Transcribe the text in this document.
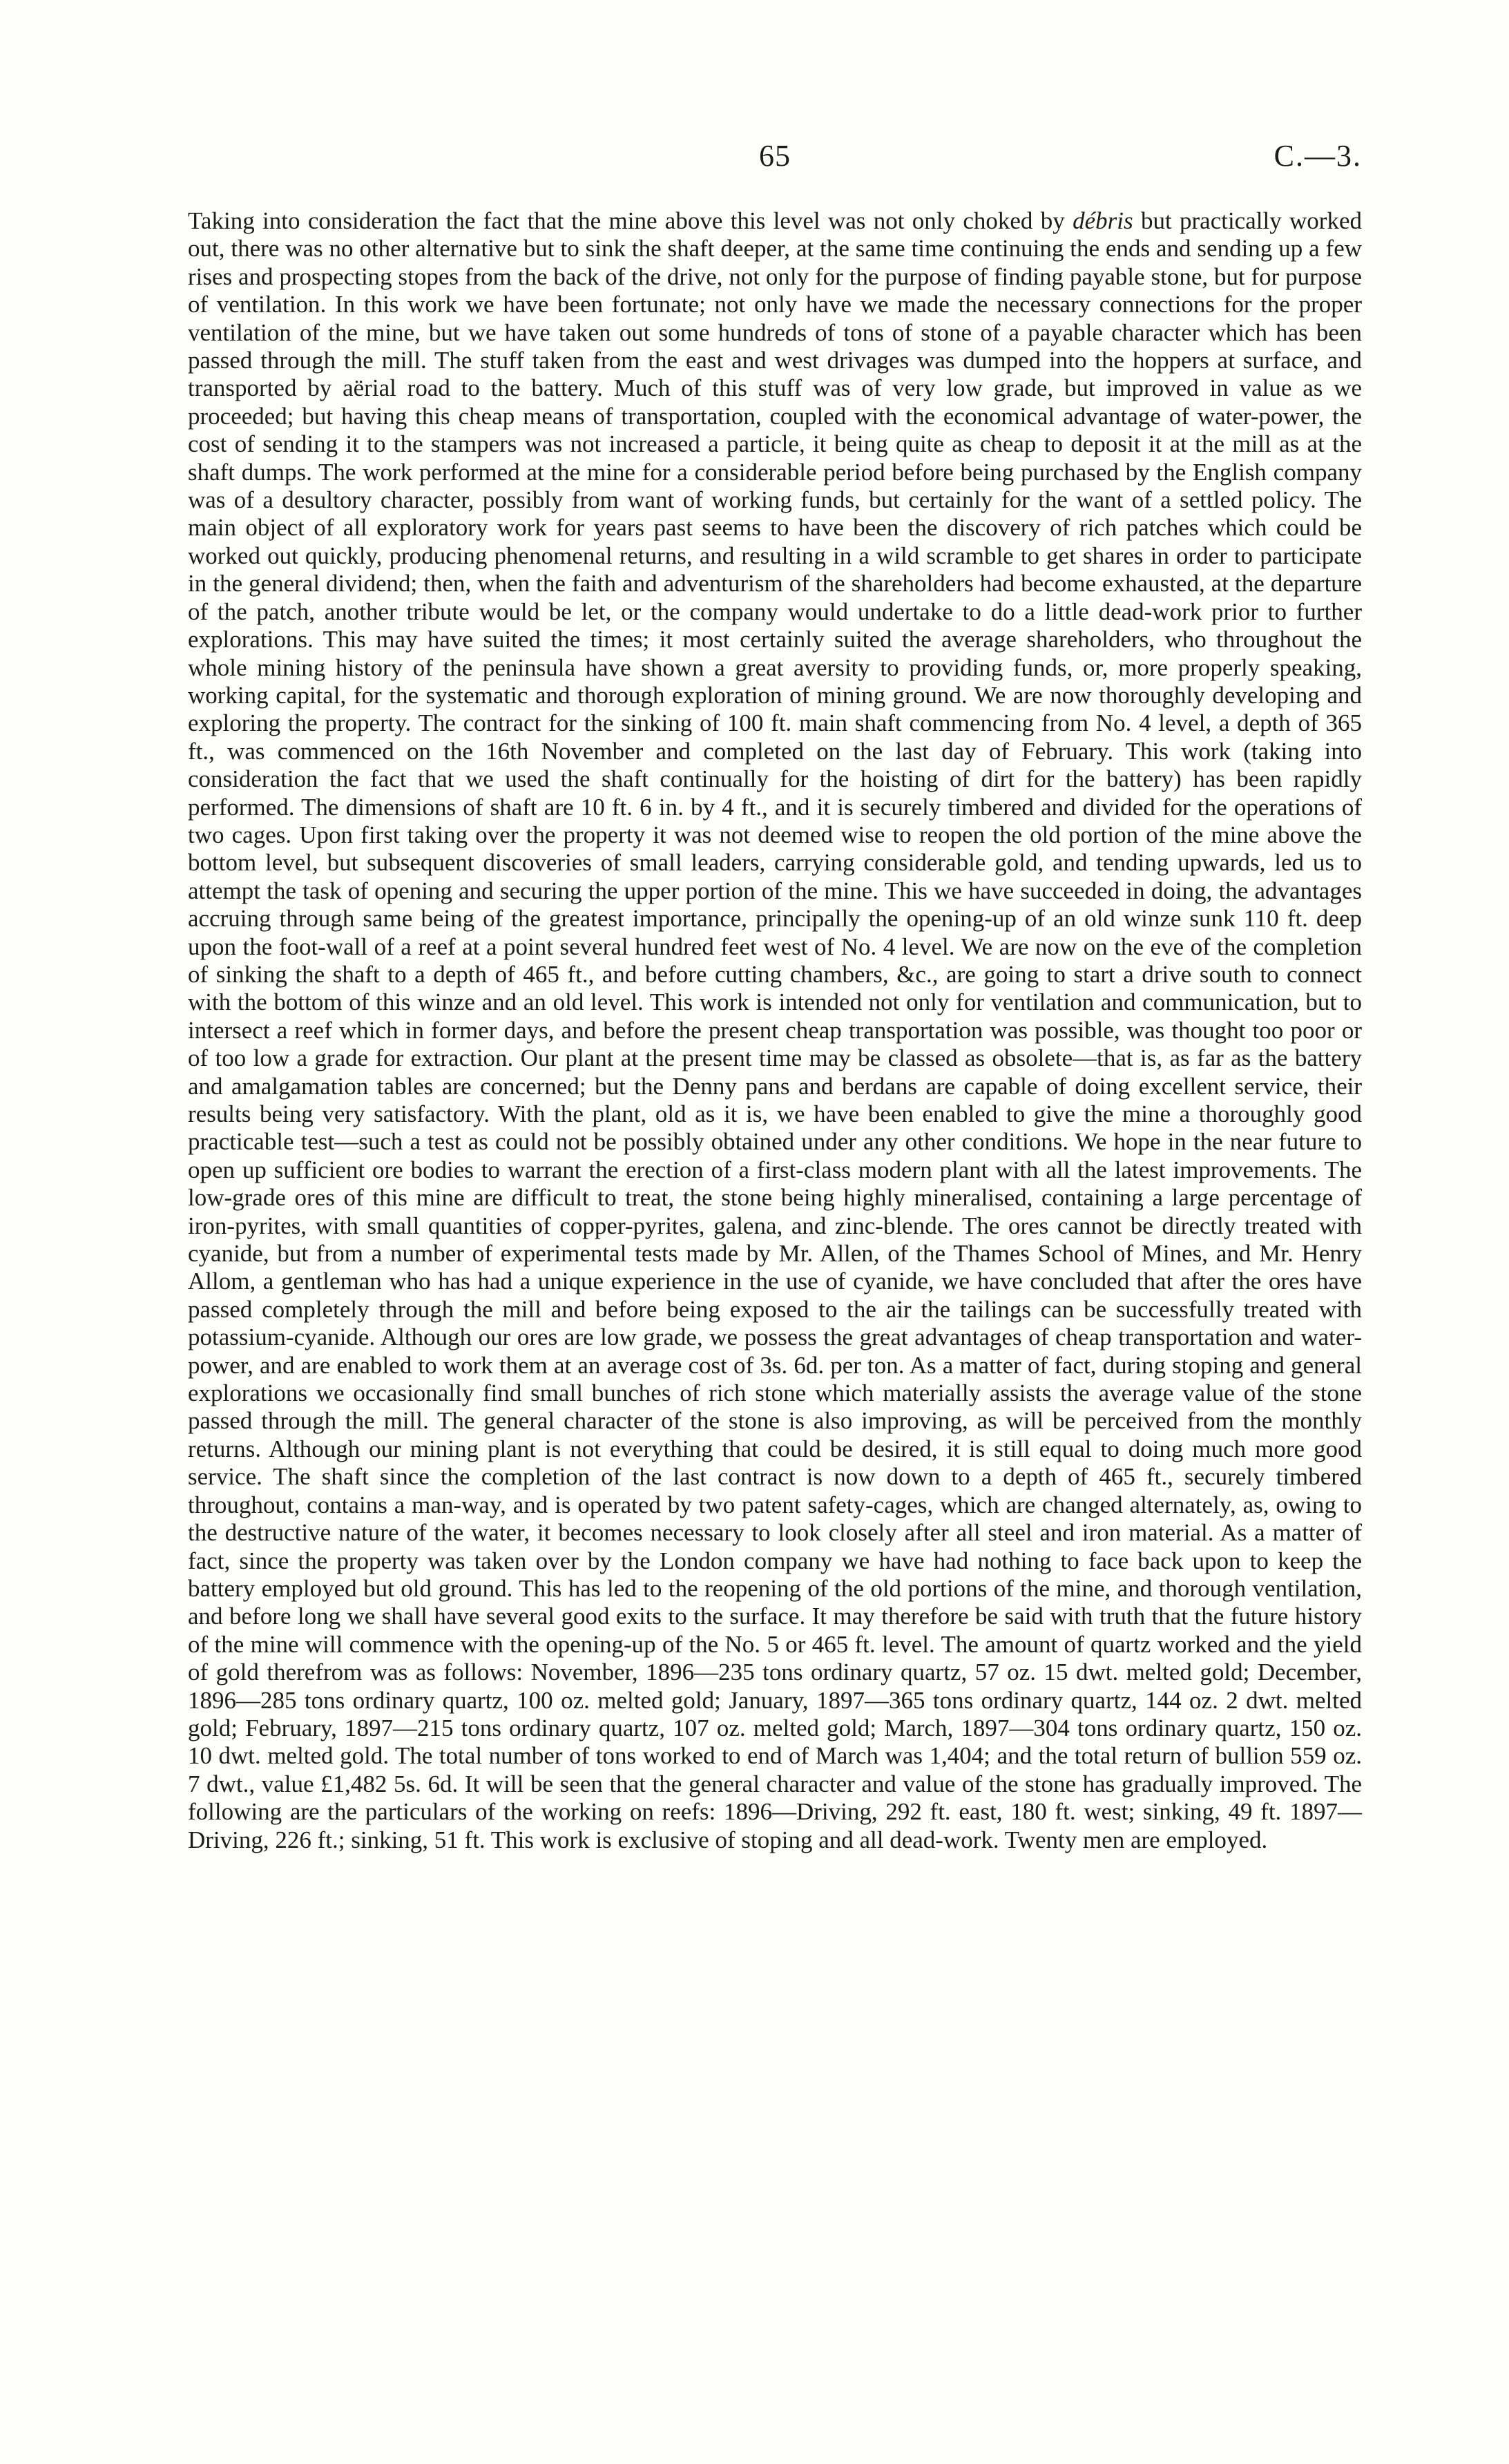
65	C.—3.

Taking into consideration the fact that the mine above this level was not only choked by débris but practically worked out, there was no other alternative but to sink the shaft deeper, at the same time continuing the ends and sending up a few rises and prospecting stopes from the back of the drive, not only for the purpose of finding payable stone, but for purpose of ventilation. In this work we have been fortunate; not only have we made the necessary connections for the proper ventilation of the mine, but we have taken out some hundreds of tons of stone of a payable character which has been passed through the mill. The stuff taken from the east and west drivages was dumped into the hoppers at surface, and transported by aërial road to the battery. Much of this stuff was of very low grade, but improved in value as we proceeded; but having this cheap means of transportation, coupled with the economical advantage of water-power, the cost of sending it to the stampers was not increased a particle, it being quite as cheap to deposit it at the mill as at the shaft dumps. The work performed at the mine for a considerable period before being purchased by the English company was of a desultory character, possibly from want of working funds, but certainly for the want of a settled policy. The main object of all exploratory work for years past seems to have been the discovery of rich patches which could be worked out quickly, producing phenomenal returns, and resulting in a wild scramble to get shares in order to participate in the general dividend; then, when the faith and adventurism of the shareholders had become exhausted, at the departure of the patch, another tribute would be let, or the company would undertake to do a little dead-work prior to further explorations. This may have suited the times; it most certainly suited the average shareholders, who throughout the whole mining history of the peninsula have shown a great aversity to providing funds, or, more properly speaking, working capital, for the systematic and thorough exploration of mining ground. We are now thoroughly developing and exploring the property. The contract for the sinking of 100 ft. main shaft commencing from No. 4 level, a depth of 365 ft., was commenced on the 16th November and completed on the last day of February. This work (taking into consideration the fact that we used the shaft continually for the hoisting of dirt for the battery) has been rapidly performed. The dimensions of shaft are 10 ft. 6 in. by 4 ft., and it is securely timbered and divided for the operations of two cages. Upon first taking over the property it was not deemed wise to reopen the old portion of the mine above the bottom level, but subsequent discoveries of small leaders, carrying considerable gold, and tending upwards, led us to attempt the task of opening and securing the upper portion of the mine. This we have succeeded in doing, the advantages accruing through same being of the greatest importance, principally the opening-up of an old winze sunk 110 ft. deep upon the foot-wall of a reef at a point several hundred feet west of No. 4 level. We are now on the eve of the completion of sinking the shaft to a depth of 465 ft., and before cutting chambers, &c., are going to start a drive south to connect with the bottom of this winze and an old level. This work is intended not only for ventilation and communication, but to intersect a reef which in former days, and before the present cheap transportation was possible, was thought too poor or of too low a grade for extraction. Our plant at the present time may be classed as obsolete—that is, as far as the battery and amalgamation tables are concerned; but the Denny pans and berdans are capable of doing excellent service, their results being very satisfactory. With the plant, old as it is, we have been enabled to give the mine a thoroughly good practicable test—such a test as could not be possibly obtained under any other conditions. We hope in the near future to open up sufficient ore bodies to warrant the erection of a first-class modern plant with all the latest improvements. The low-grade ores of this mine are difficult to treat, the stone being highly mineralised, containing a large percentage of iron-pyrites, with small quantities of copper-pyrites, galena, and zinc-blende. The ores cannot be directly treated with cyanide, but from a number of experimental tests made by Mr. Allen, of the Thames School of Mines, and Mr. Henry Allom, a gentleman who has had a unique experience in the use of cyanide, we have concluded that after the ores have passed completely through the mill and before being exposed to the air the tailings can be successfully treated with potassium-cyanide. Although our ores are low grade, we possess the great advantages of cheap transportation and water-power, and are enabled to work them at an average cost of 3s. 6d. per ton. As a matter of fact, during stoping and general explorations we occasionally find small bunches of rich stone which materially assists the average value of the stone passed through the mill. The general character of the stone is also improving, as will be perceived from the monthly returns. Although our mining plant is not everything that could be desired, it is still equal to doing much more good service. The shaft since the completion of the last contract is now down to a depth of 465 ft., securely timbered throughout, contains a man-way, and is operated by two patent safety-cages, which are changed alternately, as, owing to the destructive nature of the water, it becomes necessary to look closely after all steel and iron material. As a matter of fact, since the property was taken over by the London company we have had nothing to face back upon to keep the battery employed but old ground. This has led to the reopening of the old portions of the mine, and thorough ventilation, and before long we shall have several good exits to the surface. It may therefore be said with truth that the future history of the mine will commence with the opening-up of the No. 5 or 465 ft. level. The amount of quartz worked and the yield of gold therefrom was as follows: November, 1896—235 tons ordinary quartz, 57 oz. 15 dwt. melted gold; December, 1896—285 tons ordinary quartz, 100 oz. melted gold; January, 1897—365 tons ordinary quartz, 144 oz. 2 dwt. melted gold; February, 1897—215 tons ordinary quartz, 107 oz. melted gold; March, 1897—304 tons ordinary quartz, 150 oz. 10 dwt. melted gold. The total number of tons worked to end of March was 1,404; and the total return of bullion 559 oz. 7 dwt., value £1,482 5s. 6d. It will be seen that the general character and value of the stone has gradually improved. The following are the particulars of the working on reefs: 1896—Driving, 292 ft. east, 180 ft. west; sinking, 49 ft. 1897—Driving, 226 ft.; sinking, 51 ft. This work is exclusive of stoping and all dead-work. Twenty men are employed.
